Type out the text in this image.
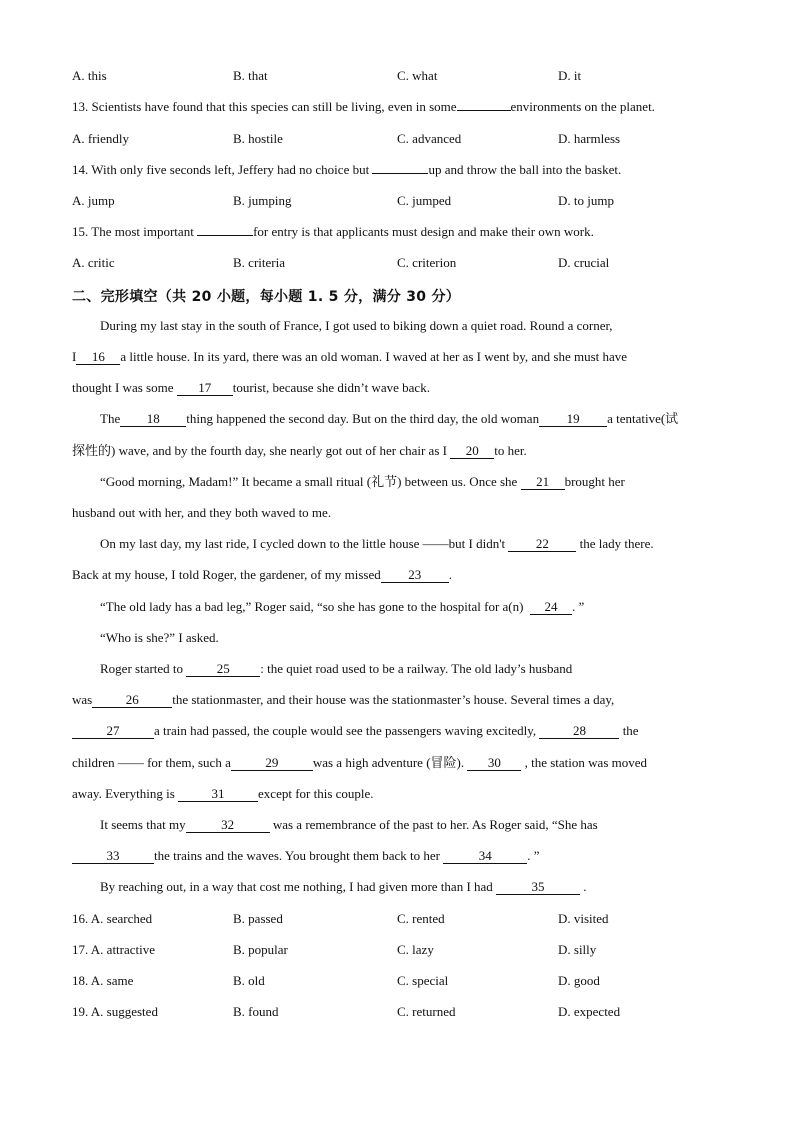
A. this	B. that	C. what	D. it
13. Scientists have found that this species can still be living, even in some	environments on the planet.
A. friendly	B. hostile	C. advanced	D. harmless
14. With only five seconds left, Jeffery had no choice but	up and throw the ball into the basket.
A. jump	B. jumping	C. jumped	D. to jump
15. The most important	for entry is that applicants must design and make their own work.
A. critic	B. criteria	C. criterion	D. crucial
二、完形填空（共 20 小题，每小题 1. 5 分，满分 30 分）
During my last stay in the south of France, I got used to biking down a quiet road. Round a corner,
I 16 a little house. In its yard, there was an old woman. I waved at her as I went by, and she must have
thought I was some 17 tourist, because she didn’t wave back.
The 18 thing happened the second day. But on the third day, the old woman 19 a tentative(试
探性的) wave, and by the fourth day, she nearly got out of her chair as I 20 to her.
“Good morning, Madam!” It became a small ritual (礼节) between us. Once she 21 brought her
husband out with her, and they both waved to me.
On my last day, my last ride, I cycled down to the little house ——but I didn't 22 the lady there.
Back at my house, I told Roger, the gardener, of my missed 23 .
“The old lady has a bad leg,” Roger said, “so she has gone to the hospital for a(n) 24 . ”
“Who is she?” I asked.
Roger started to	25 : the quiet road used to be a railway. The old lady’s husband
was	26	the stationmaster, and their house was the stationmaster’s house. Several times a day,
27	a train had passed, the couple would see the passengers waving excitedly,	28	the
children —— for them, such a	29	was a high adventure (冒险). 30 , the station was moved
away. Everything is	31	except for this couple.
It seems that my	32	was a remembrance of the past to her. As Roger said, “She has
33	the trains and the waves. You brought them back to her	34	. ”
By reaching out, in a way that cost me nothing, I had given more than I had	35	.
16. A. searched	B. passed	C. rented	D. visited
17. A. attractive	B. popular	C. lazy	D. silly
18. A. same	B. old	C. special	D. good
19. A. suggested	B. found	C. returned	D. expected
